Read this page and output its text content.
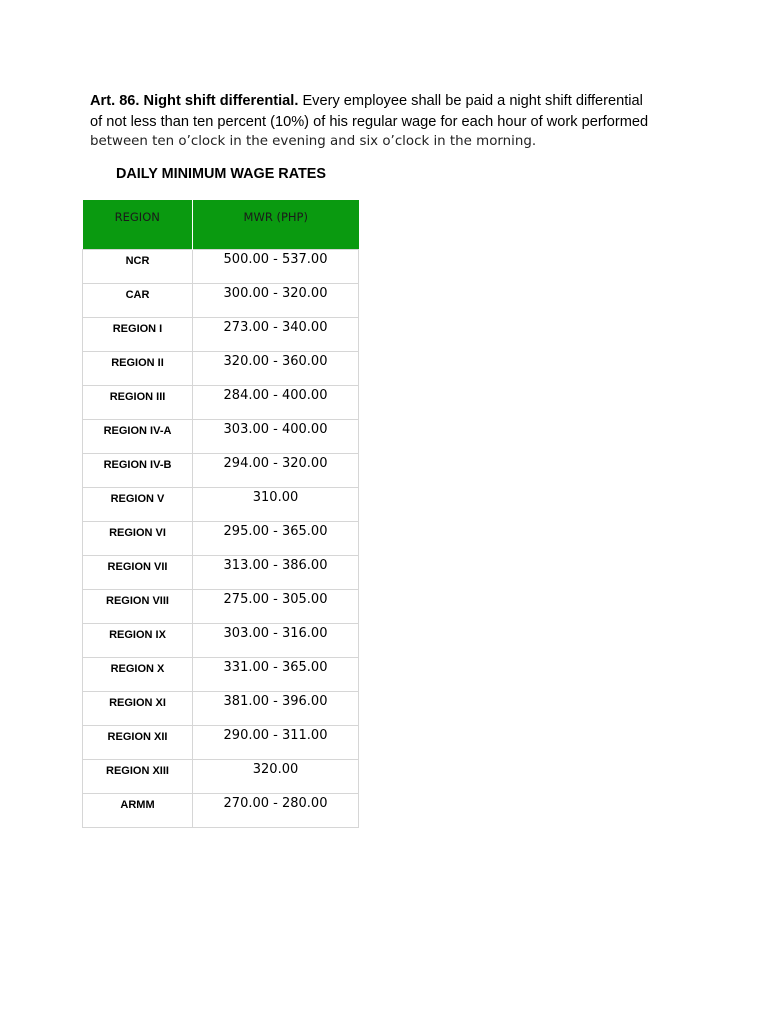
Art. 86. Night shift differential. Every employee shall be paid a night shift differential
of not less than ten percent (10%) of his regular wage for each hour of work performed
between ten o’clock in the evening and six o’clock in the morning.
DAILY MINIMUM WAGE RATES
REGION	MWR (PHP)

NCR	500.00 - 537.00
CAR	300.00 - 320.00
REGION I	273.00 - 340.00
REGION II	320.00 - 360.00
REGION III	284.00 - 400.00
REGION IV-A	303.00 - 400.00
REGION IV-B	294.00 - 320.00
REGION V	310.00
REGION VI	295.00 - 365.00
REGION VII	313.00 - 386.00
REGION VIII	275.00 - 305.00
REGION IX	303.00 - 316.00
REGION X	331.00 - 365.00
REGION XI	381.00 - 396.00
REGION XII	290.00 - 311.00
REGION XIII	320.00
ARMM	270.00 - 280.00
